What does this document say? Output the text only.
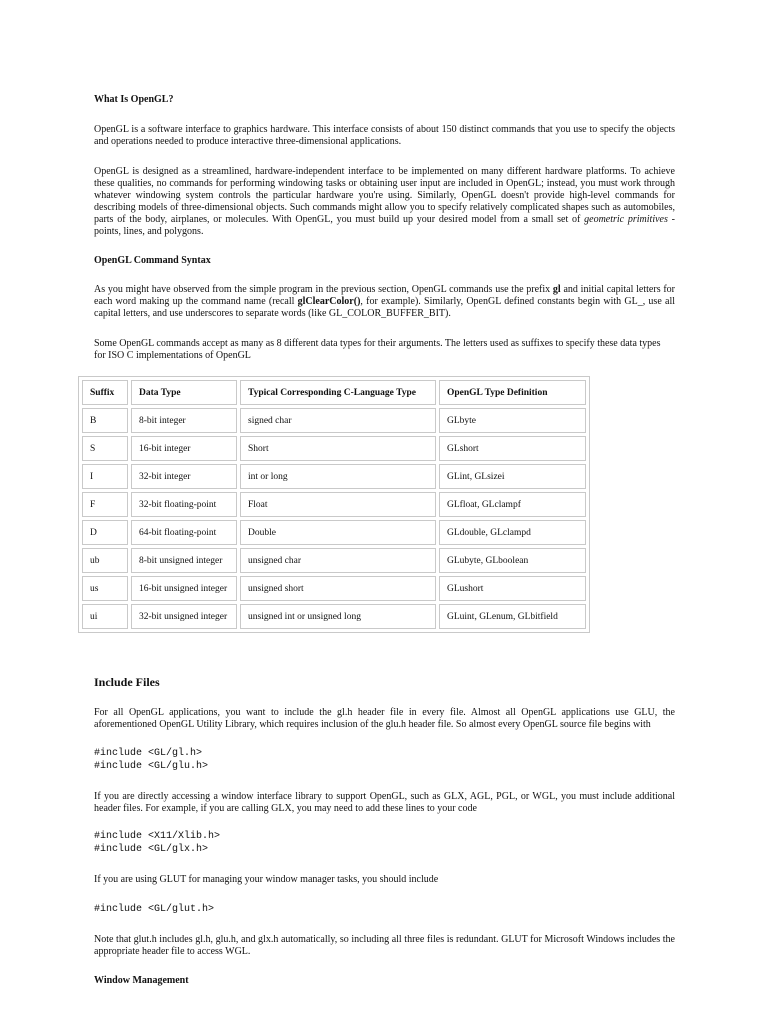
What Is OpenGL?

OpenGL is a software interface to graphics hardware. This interface consists of about 150 distinct commands that you use to specify the objects and operations needed to produce interactive three-dimensional applications.

OpenGL is designed as a streamlined, hardware-independent interface to be implemented on many different hardware platforms. To achieve these qualities, no commands for performing windowing tasks or obtaining user input are included in OpenGL; instead, you must work through whatever windowing system controls the particular hardware you're using. Similarly, OpenGL doesn't provide high-level commands for describing models of three-dimensional objects. Such commands might allow you to specify relatively complicated shapes such as automobiles, parts of the body, airplanes, or molecules. With OpenGL, you must build up your desired model from a small set of geometric primitives - points, lines, and polygons.

OpenGL Command Syntax

As you might have observed from the simple program in the previous section, OpenGL commands use the prefix gl and initial capital letters for each word making up the command name (recall glClearColor(), for example). Similarly, OpenGL defined constants begin with GL_, use all capital letters, and use underscores to separate words (like GL_COLOR_BUFFER_BIT).

Some OpenGL commands accept as many as 8 different data types for their arguments. The letters used as suffixes to specify these data types for ISO C implementations of OpenGL

Suffix	Data Type	Typical Corresponding C-Language Type	OpenGL Type Definition
B	8-bit integer	signed char	GLbyte
S	16-bit integer	Short	GLshort
I	32-bit integer	int or long	GLint, GLsizei
F	32-bit floating-point	Float	GLfloat, GLclampf
D	64-bit floating-point	Double	GLdouble, GLclampd
ub	8-bit unsigned integer	unsigned char	GLubyte, GLboolean
us	16-bit unsigned integer	unsigned short	GLushort
ui	32-bit unsigned integer	unsigned int or unsigned long	GLuint, GLenum, GLbitfield
Include Files

For all OpenGL applications, you want to include the gl.h header file in every file. Almost all OpenGL applications use GLU, the aforementioned OpenGL Utility Library, which requires inclusion of the glu.h header file. So almost every OpenGL source file begins with

#include <GL/gl.h>
#include <GL/glu.h>

If you are directly accessing a window interface library to support OpenGL, such as GLX, AGL, PGL, or WGL, you must include additional header files. For example, if you are calling GLX, you may need to add these lines to your code

#include <X11/Xlib.h>
#include <GL/glx.h>

If you are using GLUT for managing your window manager tasks, you should include

#include <GL/glut.h>

Note that glut.h includes gl.h, glu.h, and glx.h automatically, so including all three files is redundant. GLUT for Microsoft Windows includes the appropriate header file to access WGL.

Window Management
